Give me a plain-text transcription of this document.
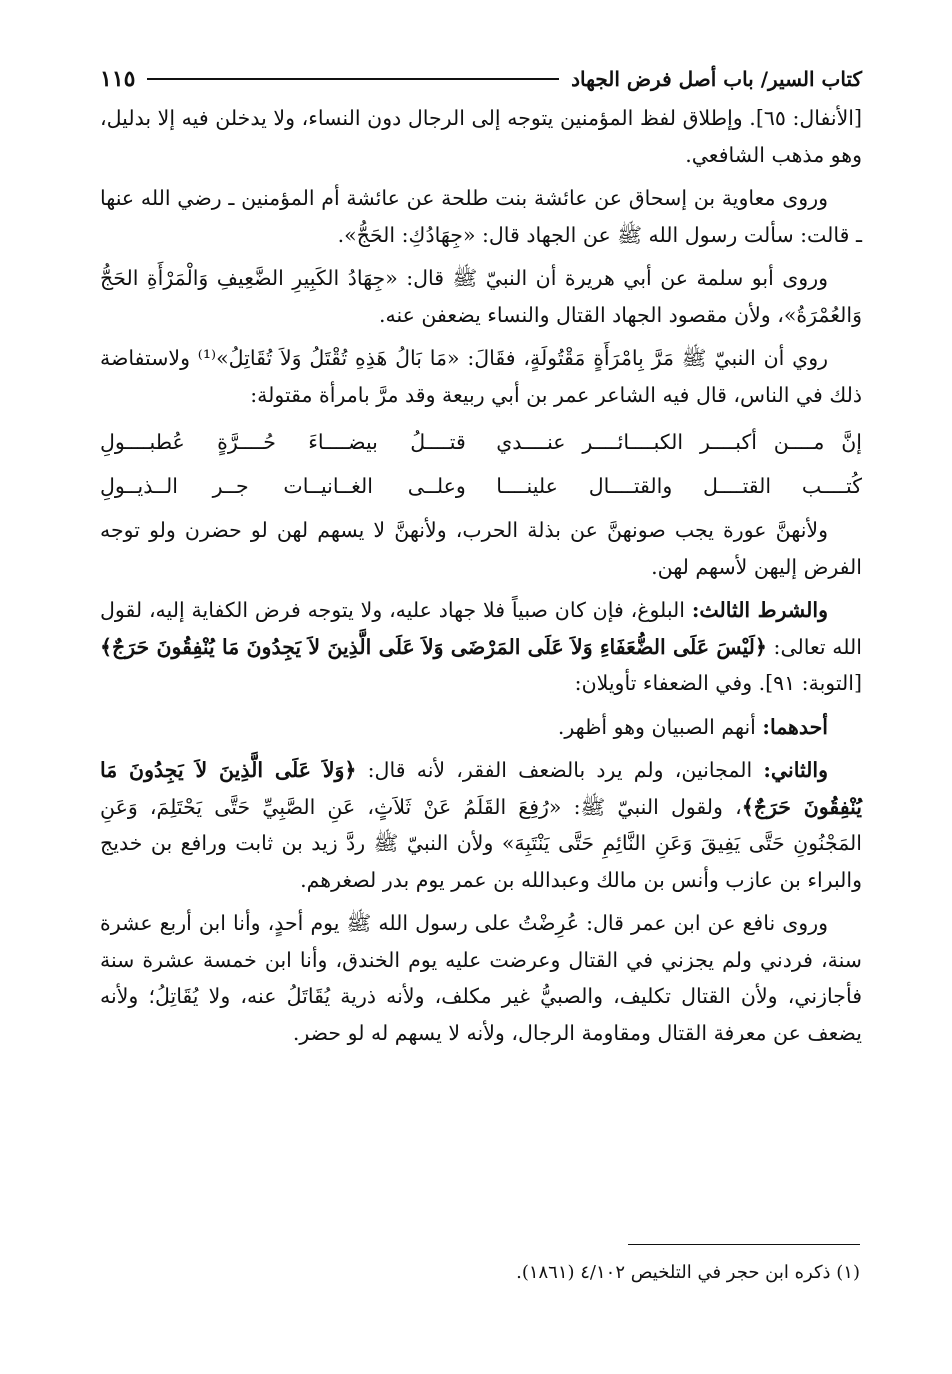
كتاب السير/ باب أصل فرض الجهاد
١١٥

[الأنفال: ٦٥]. وإطلاق لفظ المؤمنين يتوجه إلى الرجال دون النساء، ولا يدخلن فيه إلا بدليل، وهو مذهب الشافعي.

وروى معاوية بن إسحاق عن عائشة بنت طلحة عن عائشة أم المؤمنين ـ رضي الله عنها ـ قالت: سألت رسول الله ﷺ عن الجهاد قال: «جِهَادُكِ: الحَجُّ».

وروى أبو سلمة عن أبي هريرة أن النبيّ ﷺ قال: «جِهَادُ الكَبِيرِ الضَّعِيفِ وَالْمَرْأَةِ الحَجُّ وَالعُمْرَةُ»، ولأن مقصود الجهاد القتال والنساء يضعفن عنه.

روي أن النبيّ ﷺ مَرَّ بِامْرَأَةٍ مَقْتُولَةٍ، فقَالَ: «مَا بَالُ هَذِهِ تُقْتَلُ وَلاَ تُقَاتِلُ»⁽¹⁾ ولاستفاضة ذلك في الناس، قال فيه الشاعر عمر بن أبي ربيعة وقد مرَّ بامرأة مقتولة:

إنَّ مــــن أكبــــر الكبــــائــــر عنــــدي
قتــــلُ بيضــــاءَ حُــــرَّةٍ عُطبــــولِ
كُتــــب القتــــل والقتــــال علينــــا
وعلــى الغــانيــات جــر الــذيــولِ

ولأنهنَّ عورة يجب صونهنَّ عن بذلة الحرب، ولأنهنَّ لا يسهم لهن لو حضرن ولو توجه الفرض إليهن لأسهم لهن.

والشرط الثالث: البلوغ، فإن كان صبياً فلا جهاد عليه، ولا يتوجه فرض الكفاية إليه، لقول الله تعالى: ﴿لَيْسَ عَلَى الضُّعَفَاءِ وَلاَ عَلَى المَرْضَى وَلاَ عَلَى الَّذِينَ لاَ يَجِدُونَ مَا يُنْفِقُونَ حَرَجٌ﴾ [التوبة: ٩١]. وفي الضعفاء تأويلان:

أحدهما: أنهم الصبيان وهو أظهر.

والثاني: المجانين، ولم يرد بالضعف الفقر، لأنه قال: ﴿وَلاَ عَلَى الَّذِينَ لاَ يَجِدُونَ مَا يُنْفِقُونَ حَرَجٌ﴾، ولقول النبيّ ﷺ: «رُفِعَ القَلَمُ عَنْ ثَلاَثٍ، عَنِ الصَّبِيِّ حَتَّى يَحْتَلِمَ، وَعَنِ المَجْنُونِ حَتَّى يَفِيقَ وَعَنِ النَّائِمِ حَتَّى يَنْتَبِهَ» ولأن النبيّ ﷺ ردَّ زيد بن ثابت ورافع بن خديج والبراء بن عازب وأنس بن مالك وعبدالله بن عمر يوم بدر لصغرهم.

وروى نافع عن ابن عمر قال: عُرِضْتُ على رسول الله ﷺ يوم أحدٍ، وأنا ابن أربع عشرة سنة، فردني ولم يجزني في القتال وعرضت عليه يوم الخندق، وأنا ابن خمسة عشرة سنة فأجازني، ولأن القتال تكليف، والصبيُّ غير مكلف، ولأنه ذرية يُقَاتَلُ عنه، ولا يُقَاتِلُ؛ ولأنه يضعف عن معرفة القتال ومقاومة الرجال، ولأنه لا يسهم له لو حضر.

(١) ذكره ابن حجر في التلخيص ٤/١٠٢ (١٨٦١).
